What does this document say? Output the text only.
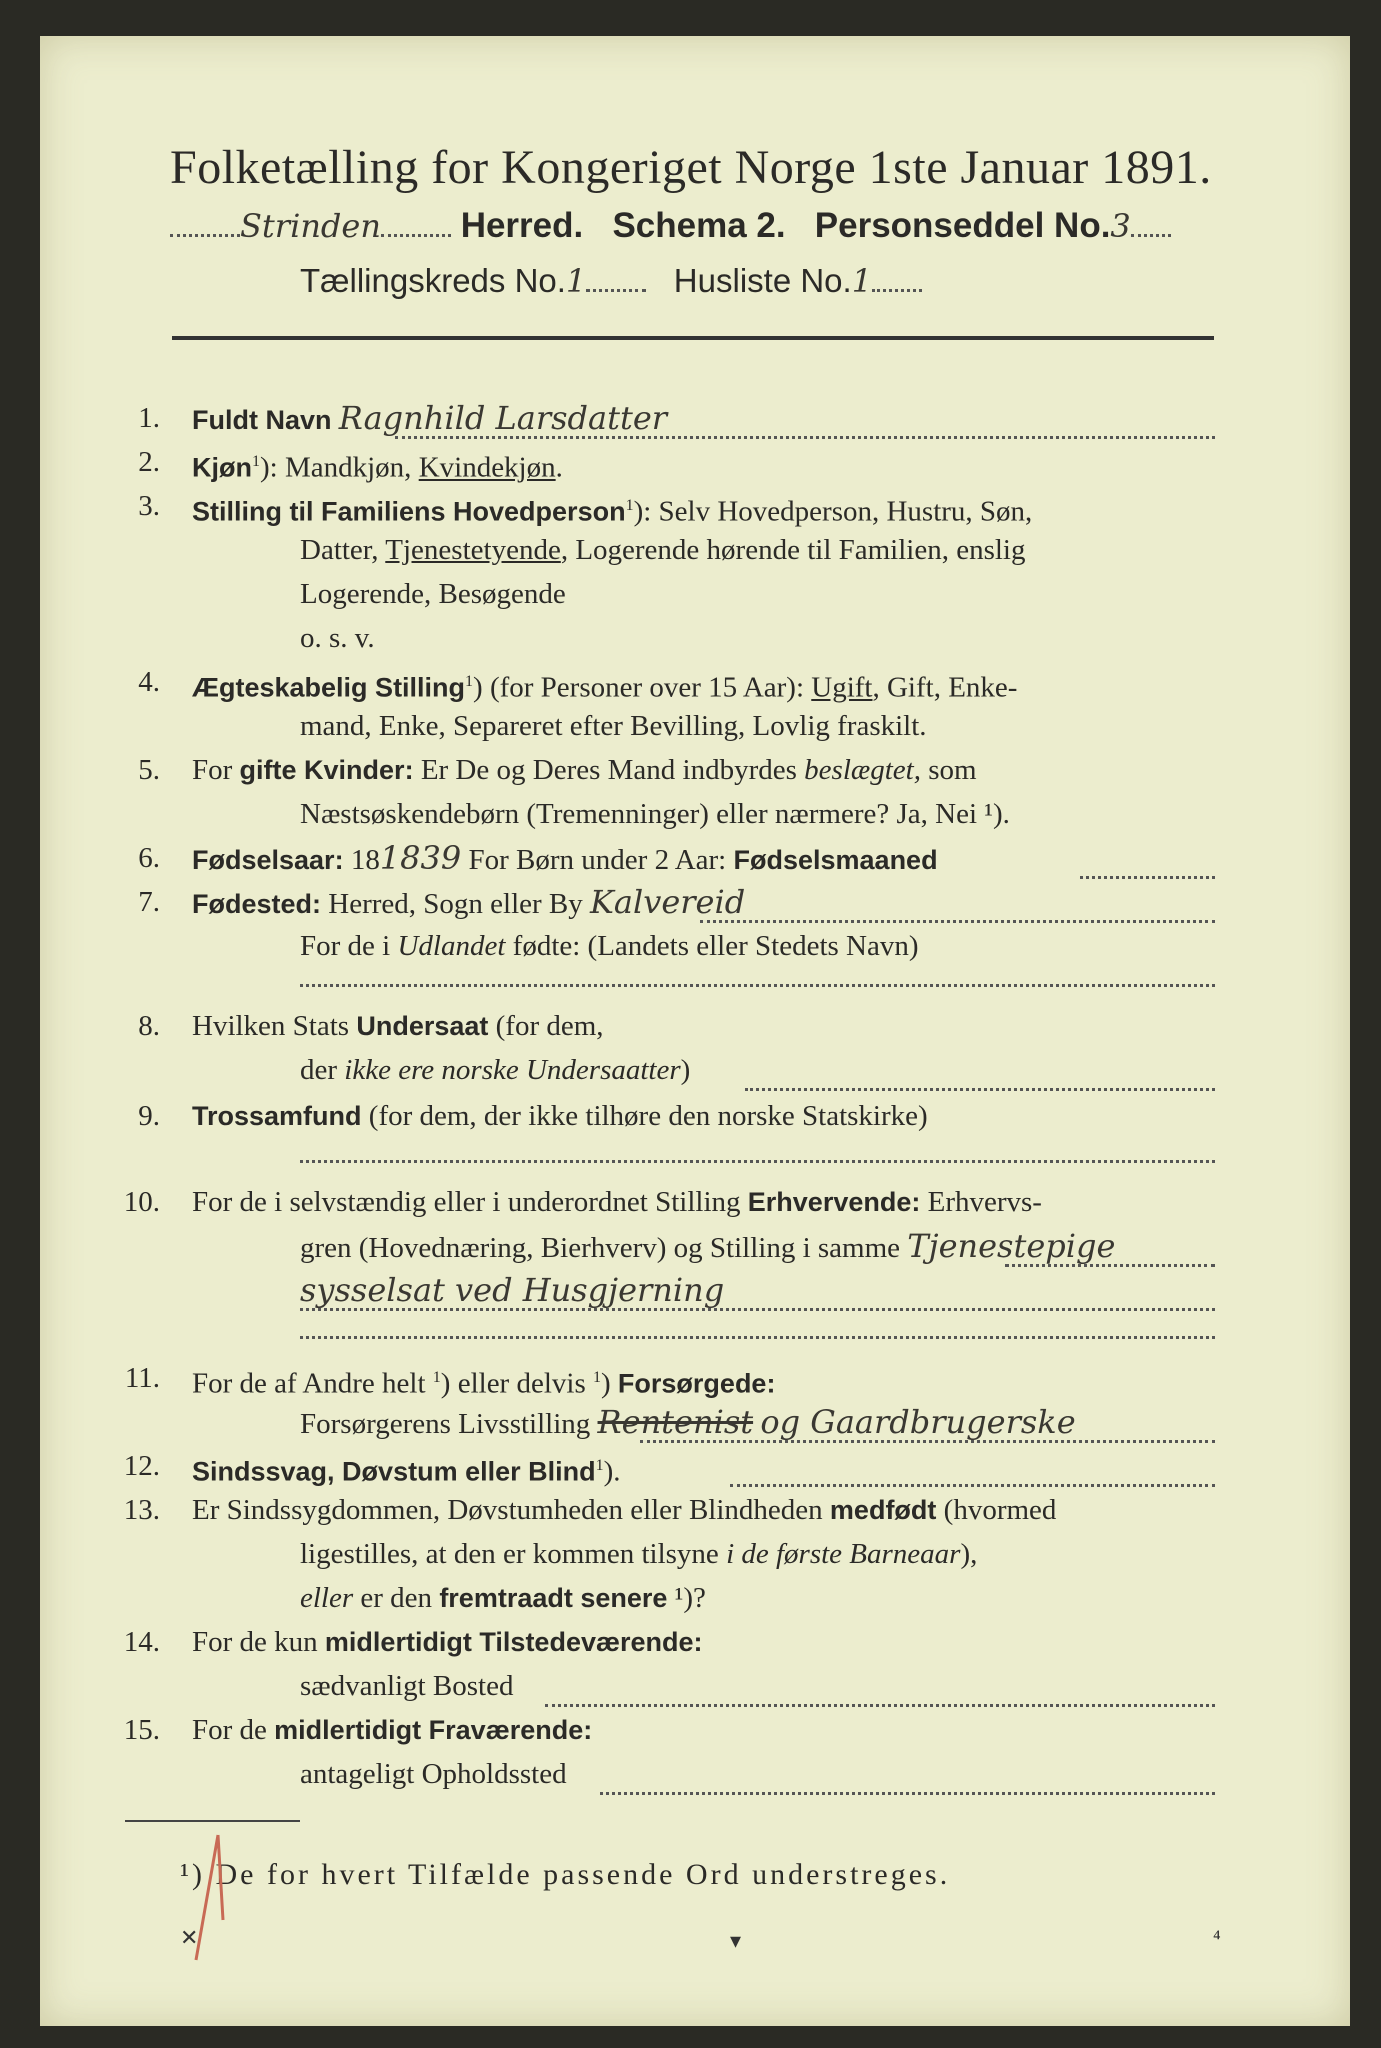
Folketælling for Kongeriget Norge 1ste Januar 1891.
Strinden Herred. Schema 2. Personseddel No.3
Tællingskreds No.1	Husliste No.1
1. Fuldt Navn Ragnhild Larsdatter
2. Kjøn$^1$): Mandkjøn, Kvindekjøn.
3. Stilling til Familiens Hovedperson$^1$): Selv Hovedperson, Hustru, Søn,
Datter, Tjenestetyende, Logerende hørende til Familien, enslig
Logerende, Besøgende
o. s. v.
4. Ægteskabelig Stilling$^1$) (for Personer over 15 Aar): Ugift, Gift, Enke-
mand, Enke, Separeret efter Bevilling, Lovlig fraskilt.
5. For gifte Kvinder: Er De og Deres Mand indbyrdes beslægtet, som
Næstsøskendebørn (Tremenninger) eller nærmere? Ja, Nei ¹).
6. Fødselsaar: 181839 For Børn under 2 Aar: Fødselsmaaned
7. Fødested: Herred, Sogn eller By Kalvereid
For de i Udlandet fødte: (Landets eller Stedets Navn)
8. Hvilken Stats Undersaat (for dem,
der ikke ere norske Undersaatter)
9. Trossamfund (for dem, der ikke tilhøre den norske Statskirke)
10. For de i selvstændig eller i underordnet Stilling Erhvervende: Erhvervs-
gren (Hovednæring, Bierhverv) og Stilling i samme Tjenestepige
sysselsat ved Husgjerning
11. For de af Andre helt $^1$) eller delvis $^1$) Forsørgede:
Forsørgerens Livsstilling Rentenist og Gaardbrugerske
12. Sindssvag, Døvstum eller Blind$^1$).
13. Er Sindssygdommen, Døvstumheden eller Blindheden medfødt (hvormed
ligestilles, at den er kommen tilsyne i de første Barneaar),
eller er den fremtraadt senere ¹)?
14. For de kun midlertidigt Tilstedeværende:
sædvanligt Bosted
15. For de midlertidigt Fraværende:
antageligt Opholdssted
¹) De for hvert Tilfælde passende Ord understreges.
✕	▾	⁴
